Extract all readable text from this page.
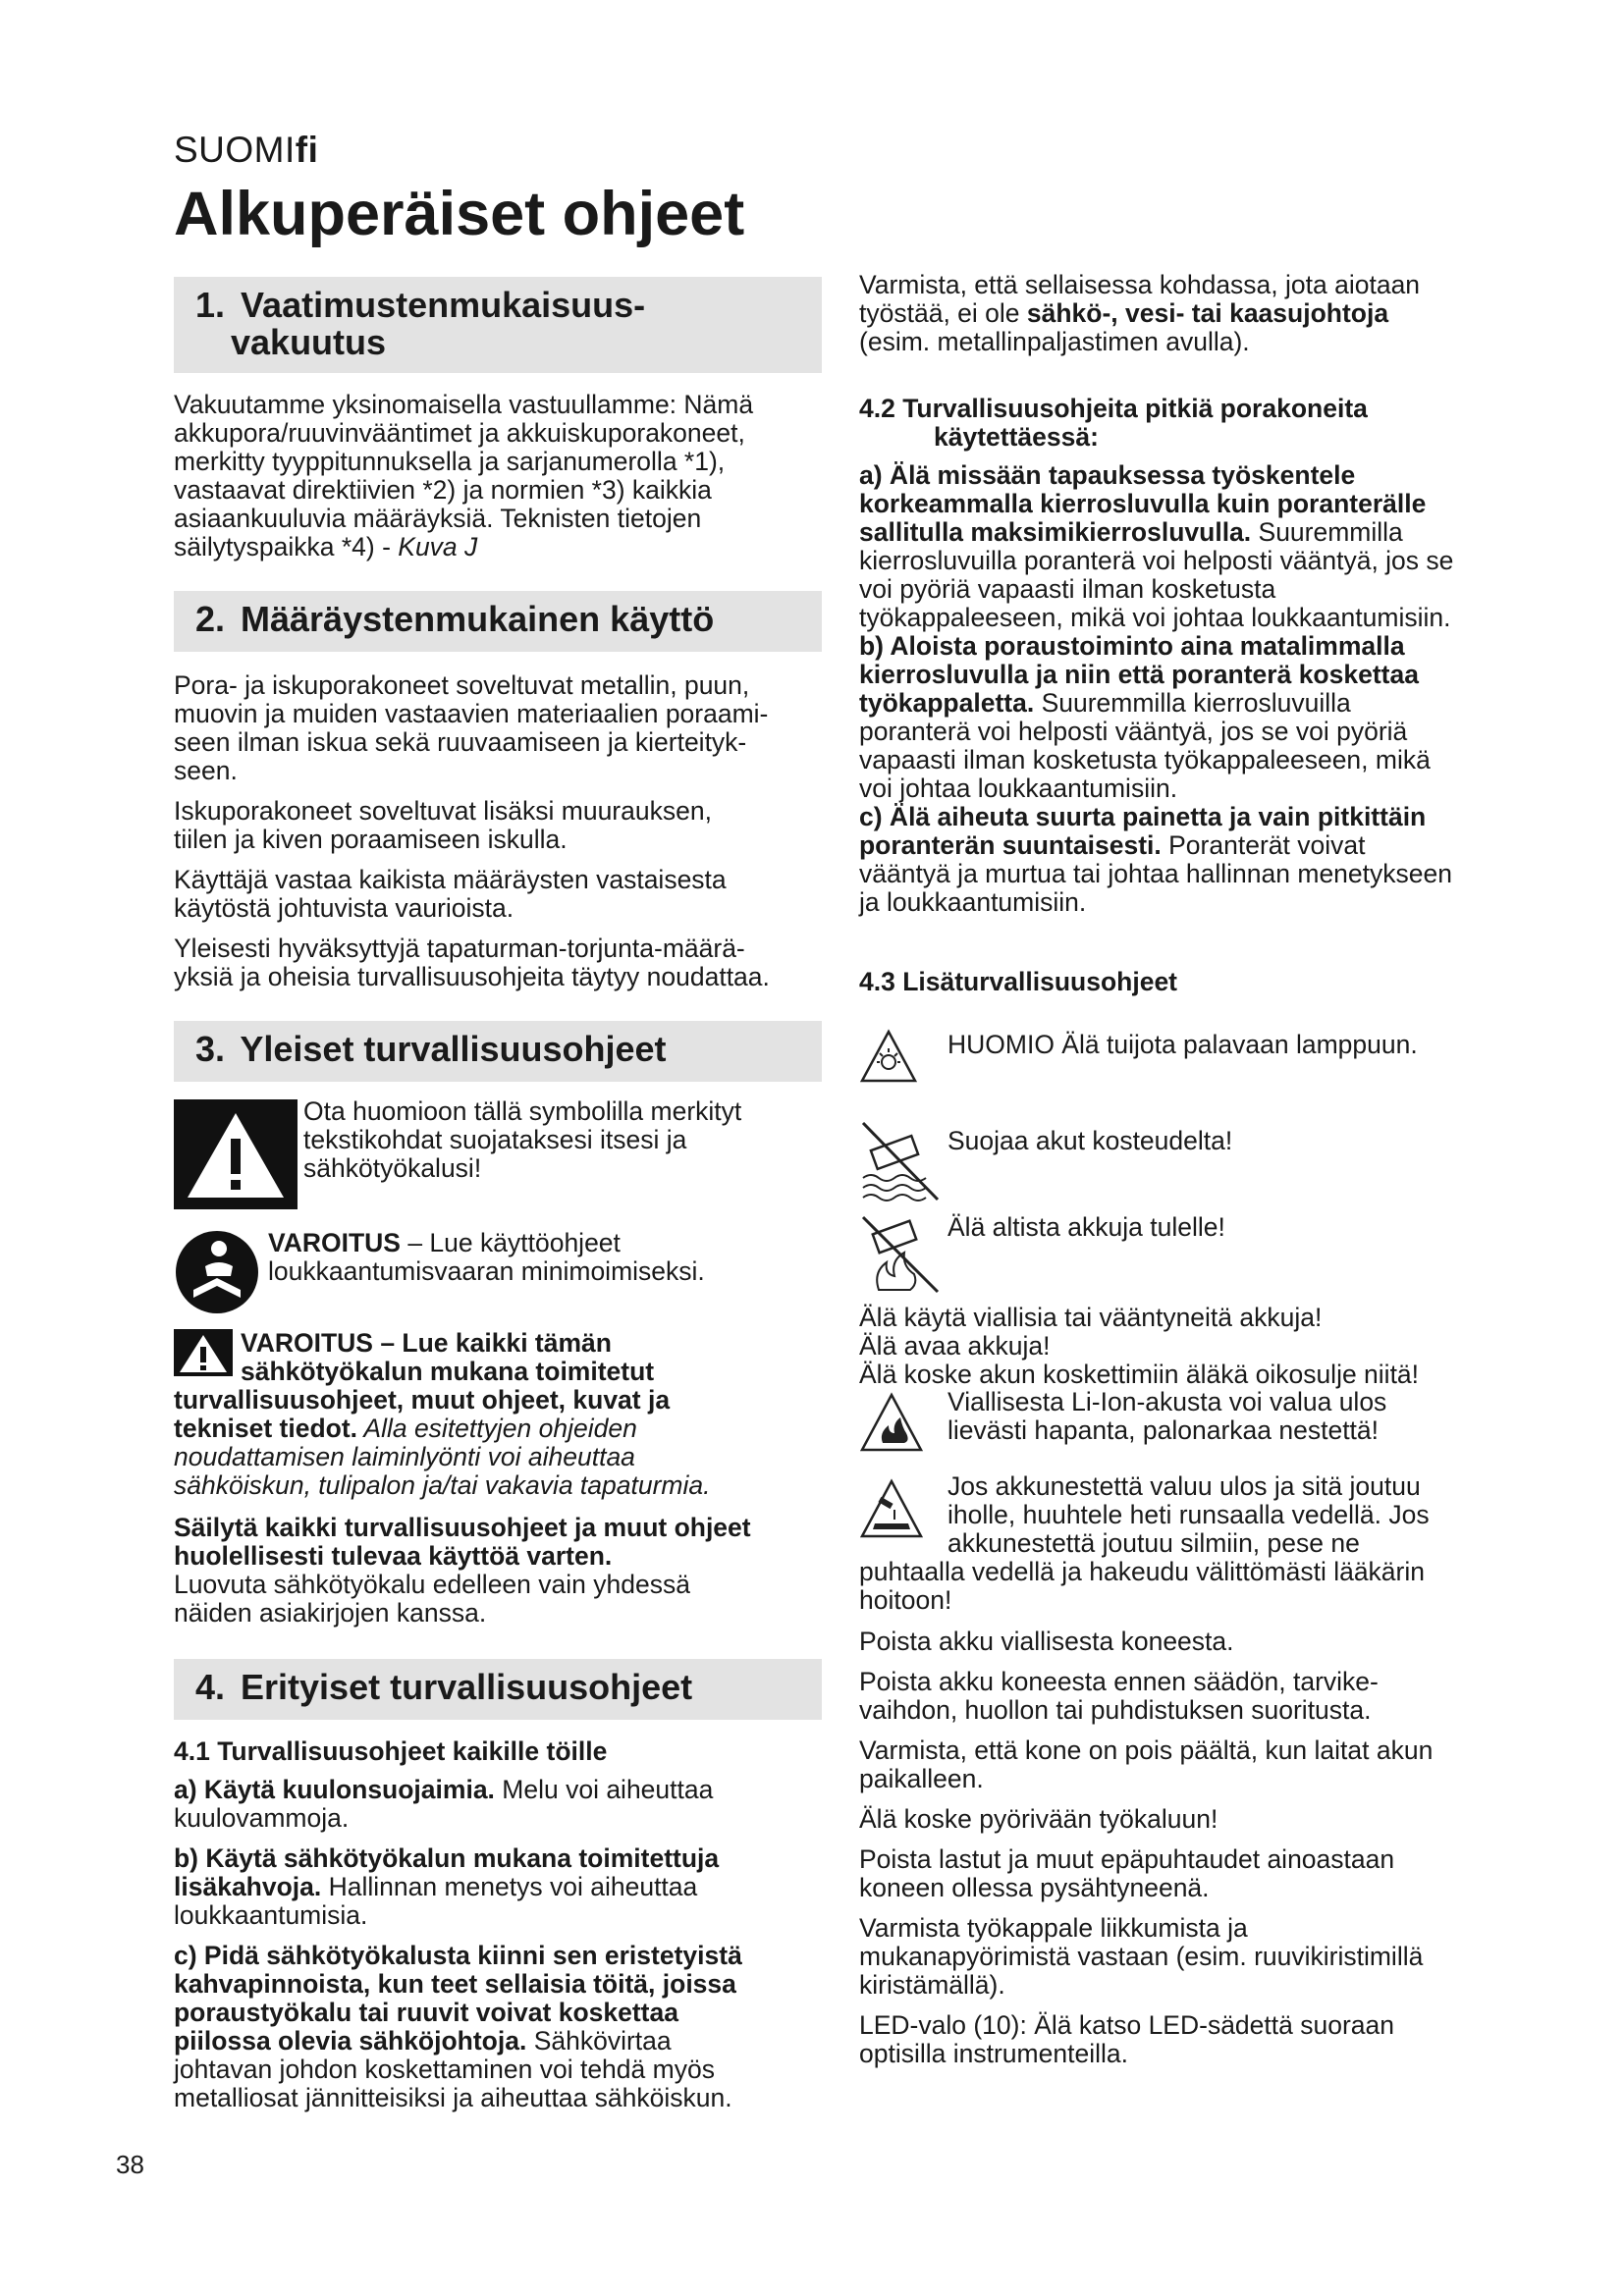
SUOMIfi
Alkuperäiset ohjeet
1. Vaatimustenmukaisuus-
vakuutus
Vakuutamme yksinomaisella vastuullamme: Nämä
akkupora/ruuvinvääntimet ja akkuiskuporakoneet,
merkitty tyyppitunnuksella ja sarjanumerolla *1),
vastaavat direktiivien *2) ja normien *3) kaikkia
asiaankuuluvia määräyksiä. Teknisten tietojen
säilytyspaikka *4) - Kuva J
2. Määräystenmukainen käyttö
Pora- ja iskuporakoneet soveltuvat metallin, puun,
muovin ja muiden vastaavien materiaalien poraami-
seen ilman iskua sekä ruuvaamiseen ja kierteityk-
seen.
Iskuporakoneet soveltuvat lisäksi muurauksen,
tiilen ja kiven poraamiseen iskulla.
Käyttäjä vastaa kaikista määräysten vastaisesta
käytöstä johtuvista vaurioista.
Yleisesti hyväksyttyjä tapaturman-torjunta-määrä-
yksiä ja oheisia turvallisuusohjeita täytyy noudattaa.
3. Yleiset turvallisuusohjeet
Ota huomioon tällä symbolilla merkityt
tekstikohdat suojataksesi itsesi ja
sähkötyökalusi!
VAROITUS – Lue käyttöohjeet
loukkaantumisvaaran minimoimiseksi.
VAROITUS – Lue kaikki tämän
sähkötyökalun mukana toimitetut
turvallisuusohjeet, muut ohjeet, kuvat ja
tekniset tiedot. Alla esitettyjen ohjeiden
noudattamisen laiminlyönti voi aiheuttaa
sähköiskun, tulipalon ja/tai vakavia tapaturmia.
Säilytä kaikki turvallisuusohjeet ja muut ohjeet
huolellisesti tulevaa käyttöä varten.
Luovuta sähkötyökalu edelleen vain yhdessä
näiden asiakirjojen kanssa.
4. Erityiset turvallisuusohjeet
4.1 Turvallisuusohjeet kaikille töille
a) Käytä kuulonsuojaimia. Melu voi aiheuttaa
kuulovammoja.
b) Käytä sähkötyökalun mukana toimitettuja
lisäkahvoja. Hallinnan menetys voi aiheuttaa
loukkaantumisia.
c) Pidä sähkötyökalusta kiinni sen eristetyistä
kahvapinnoista, kun teet sellaisia töitä, joissa
poraustyökalu tai ruuvit voivat koskettaa
piilossa olevia sähköjohtoja. Sähkövirtaa
johtavan johdon koskettaminen voi tehdä myös
metalliosat jännitteisiksi ja aiheuttaa sähköiskun.
Varmista, että sellaisessa kohdassa, jota aiotaan
työstää, ei ole sähkö-, vesi- tai kaasujohtoja
(esim. metallinpaljastimen avulla).
4.2 Turvallisuusohjeita pitkiä porakoneita
käytettäessä:
a) Älä missään tapauksessa työskentele
korkeammalla kierrosluvulla kuin poranterälle
sallitulla maksimikierrosluvulla. Suuremmilla
kierrosluvuilla poranterä voi helposti vääntyä, jos se
voi pyöriä vapaasti ilman kosketusta
työkappaleeseen, mikä voi johtaa loukkaantumisiin.
b) Aloista poraustoiminto aina matalimmalla
kierrosluvulla ja niin että poranterä koskettaa
työkappaletta. Suuremmilla kierrosluvuilla
poranterä voi helposti vääntyä, jos se voi pyöriä
vapaasti ilman kosketusta työkappaleeseen, mikä
voi johtaa loukkaantumisiin.
c) Älä aiheuta suurta painetta ja vain pitkittäin
poranterän suuntaisesti. Poranterät voivat
vääntyä ja murtua tai johtaa hallinnan menetykseen
ja loukkaantumisiin.
4.3 Lisäturvallisuusohjeet
HUOMIO Älä tuijota palavaan lamppuun.
Suojaa akut kosteudelta!
Älä altista akkuja tulelle!
Älä käytä viallisia tai vääntyneitä akkuja!
Älä avaa akkuja!
Älä koske akun koskettimiin äläkä oikosulje niitä!
Viallisesta Li-Ion-akusta voi valua ulos
lievästi hapanta, palonarkaa nestettä!
Jos akkunestettä valuu ulos ja sitä joutuu
iholle, huuhtele heti runsaalla vedellä. Jos
akkunestettä joutuu silmiin, pese ne
puhtaalla vedellä ja hakeudu välittömästi lääkärin
hoitoon!
Poista akku viallisesta koneesta.
Poista akku koneesta ennen säädön, tarvike-
vaihdon, huollon tai puhdistuksen suoritusta.
Varmista, että kone on pois päältä, kun laitat akun
paikalleen.
Älä koske pyörivään työkaluun!
Poista lastut ja muut epäpuhtaudet ainoastaan
koneen ollessa pysähtyneenä.
Varmista työkappale liikkumista ja
mukanapyörimistä vastaan (esim. ruuvikiristimillä
kiristämällä).
LED-valo (10): Älä katso LED-sädettä suoraan
optisilla instrumenteilla.
38
